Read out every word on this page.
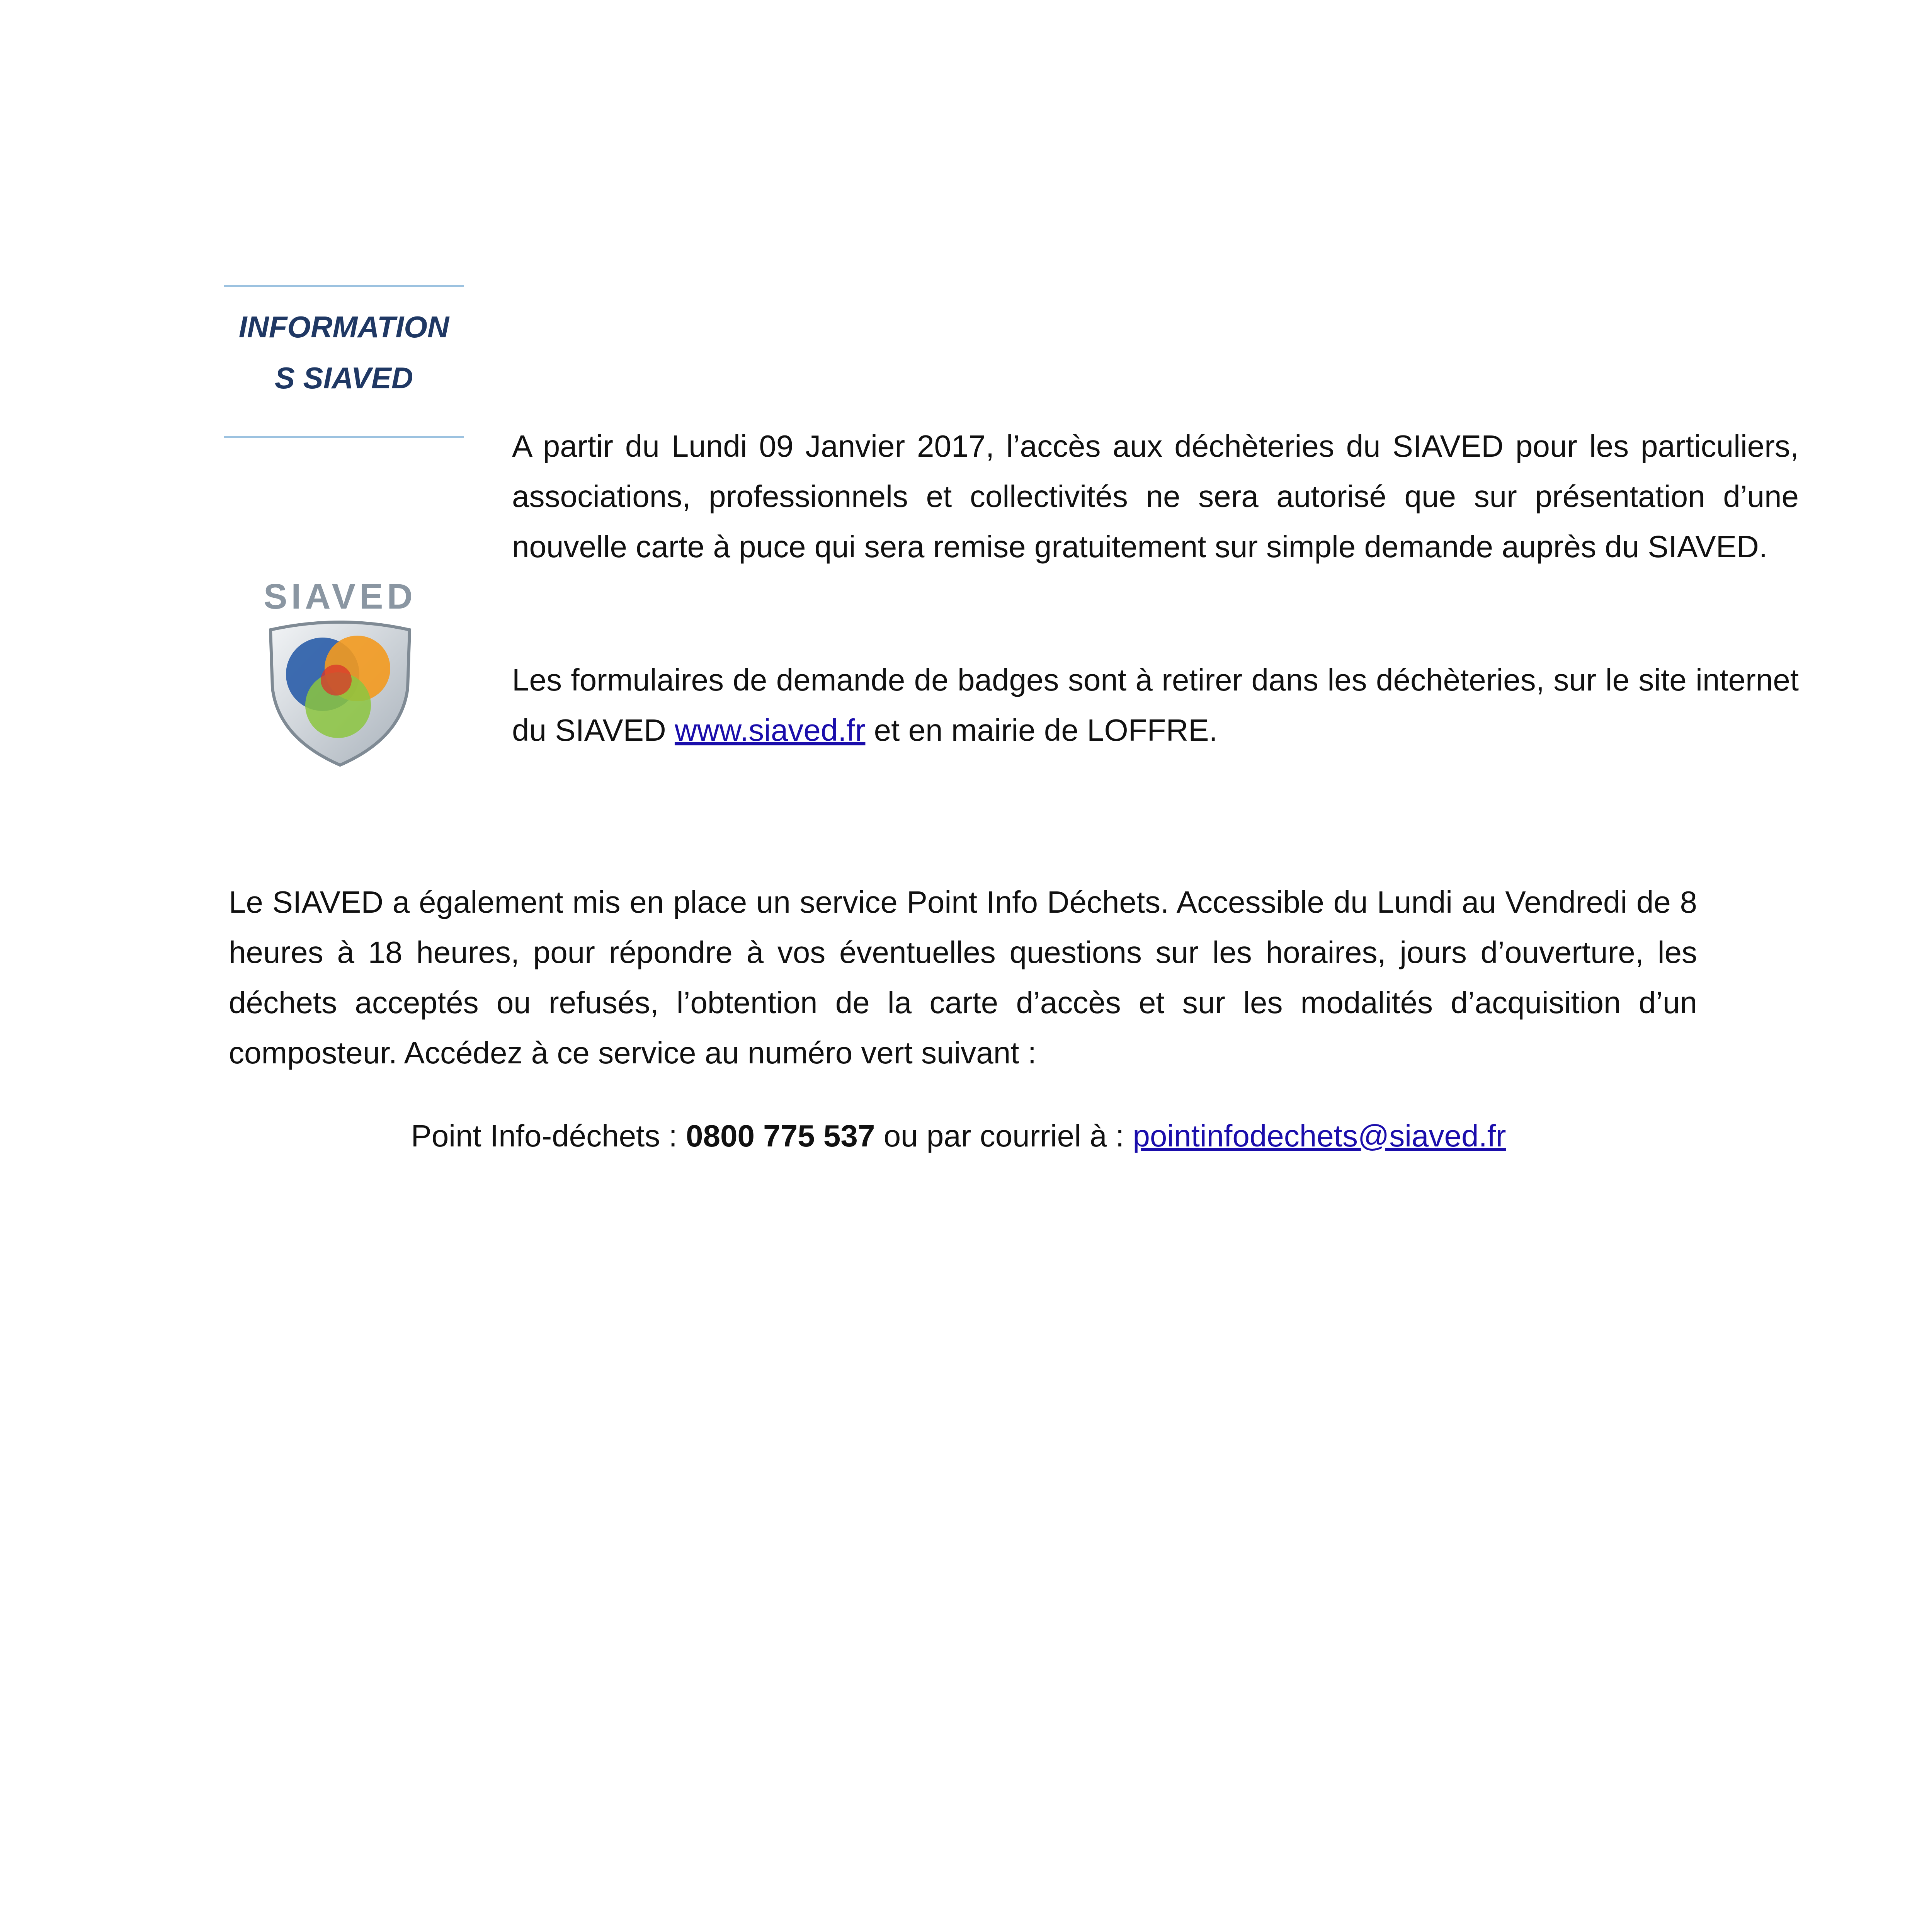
INFORMATION
S SIAVED
SIAVED

A partir du Lundi 09 Janvier 2017, l’accès aux déchèteries du SIAVED pour les particuliers, associations, professionnels et collectivités ne sera autorisé que sur présentation d’une nouvelle carte à puce qui sera remise gratuitement sur simple demande auprès du SIAVED.

Les formulaires de demande de badges sont à retirer dans les déchèteries, sur le site internet du SIAVED www.siaved.fr et en mairie de LOFFRE.

Le SIAVED a également mis en place un service Point Info Déchets. Accessible du Lundi au Vendredi de 8 heures à 18 heures, pour répondre à vos éventuelles questions sur les horaires, jours d’ouverture, les déchets acceptés ou refusés, l’obtention de la carte d’accès et sur les modalités d’acquisition d’un composteur. Accédez à ce service au numéro vert suivant :

Point Info-déchets : 0800 775 537 ou par courriel à : pointinfodechets@siaved.fr
